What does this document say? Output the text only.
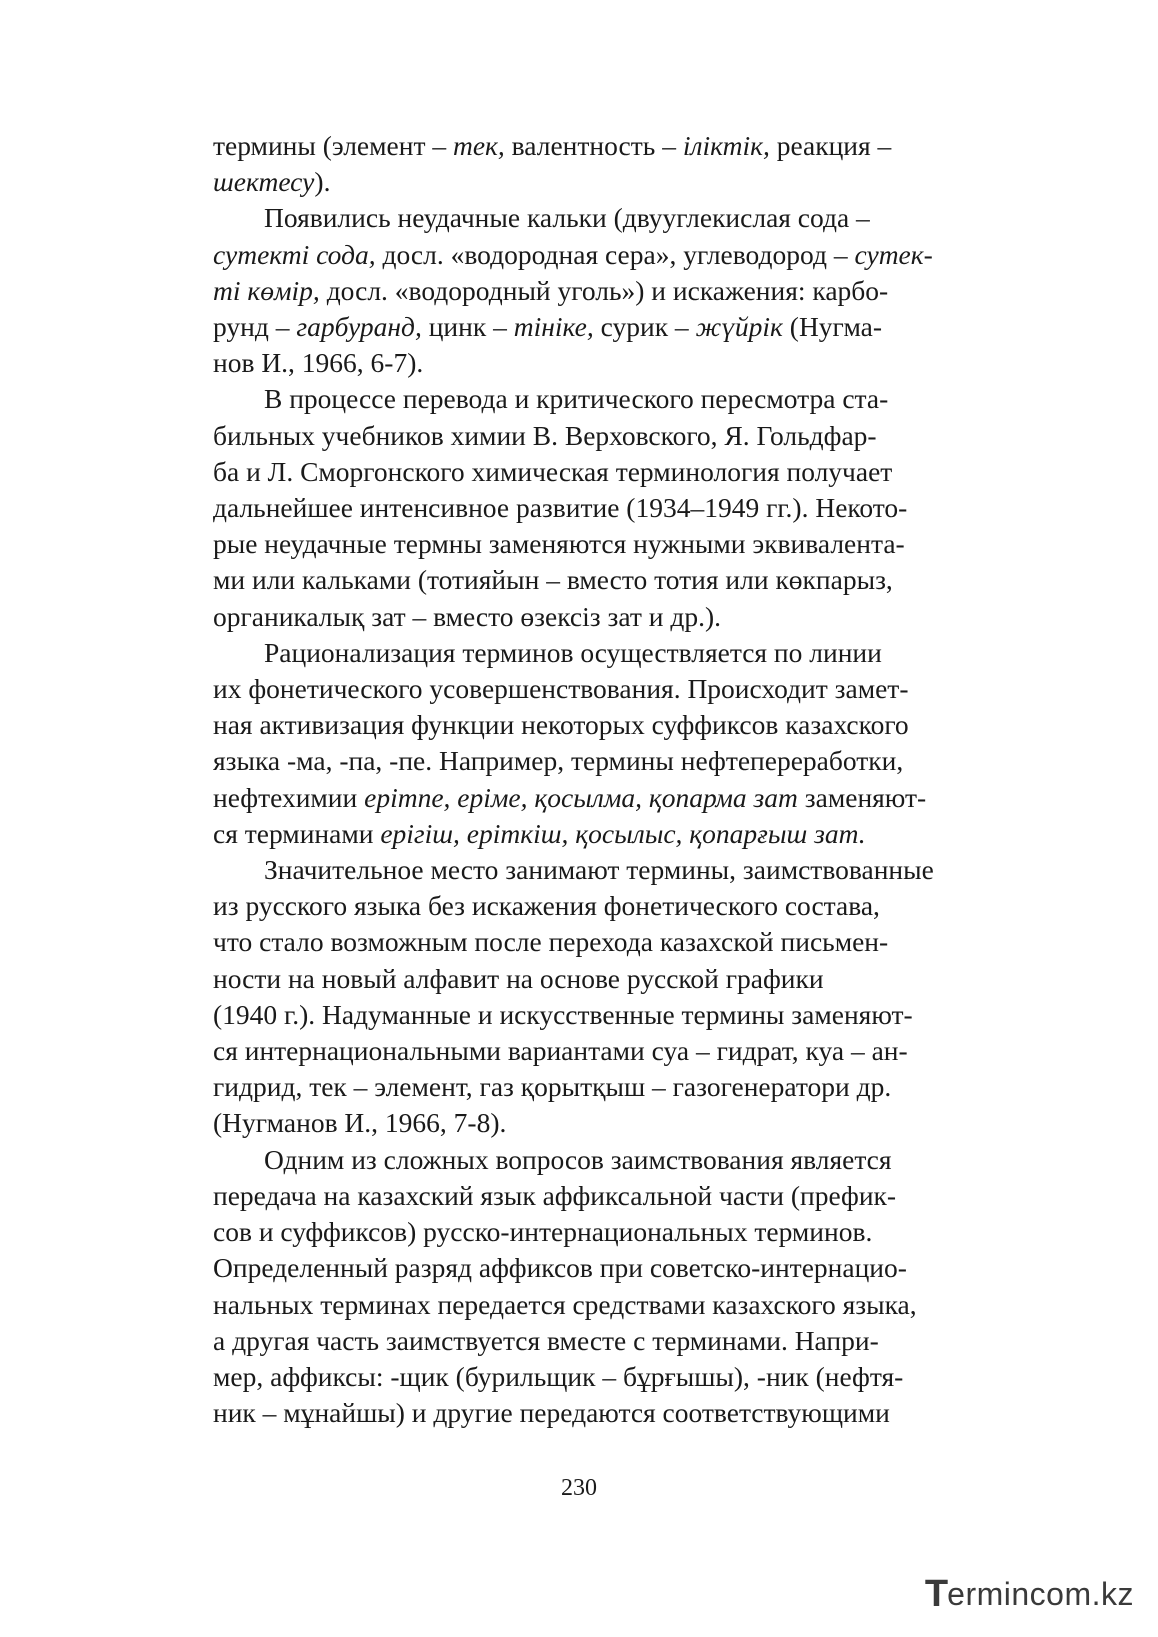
термины (элемент – тек, валентность – іліктік, реакция –
шектесу).

Появились неудачные кальки (двууглекислая сода –
сутекті сода, досл. «водородная сера», углеводород – сутек-
ті көмір, досл. «водородный уголь») и искажения: карбо-
рунд – гарбуранд, цинк – тініке, сурик – жүйрік (Нугма-
нов И., 1966, 6-7).

В процессе перевода и критического пересмотра ста-
бильных учебников химии В. Верховского, Я. Гольдфар-
ба и Л. Сморгонского химическая терминология получает
дальнейшее интенсивное развитие (1934–1949 гг.). Некото-
рые неудачные термны заменяются нужными эквивалента-
ми или кальками (тотияйын – вместо тотия или көкпарыз,
органикалық зат – вместо өзексіз зат и др.).

Рационализация терминов осуществляется по линии
их фонетического усовершенствования. Происходит замет-
ная активизация функции некоторых суффиксов казахского
языка -ма, -па, -пе. Например, термины нефтепереработки,
нефтехимии ерітпе, еріме, қосылма, қопарма зат заменяют-
ся терминами ерігіш, еріткіш, қосылыс, қопарғыш зат.

Значительное место занимают термины, заимствованные
из русского языка без искажения фонетического состава,
что стало возможным после перехода казахской письмен-
ности на новый алфавит на основе русской графики
(1940 г.). Надуманные и искусственные термины заменяют-
ся интернациональными вариантами суа – гидрат, куа – ан-
гидрид, тек – элемент, газ қорытқыш – газогенератори др.
(Нугманов И., 1966, 7-8).

Одним из сложных вопросов заимствования является
передача на казахский язык аффиксальной части (префик-
сов и суффиксов) русско-интернациональных терминов.
Определенный разряд аффиксов при советско-интернацио-
нальных терминах передается средствами казахского языка,
а другая часть заимствуется вместе с терминами. Напри-
мер, аффиксы: -щик (бурильщик – бұрғышы), -ник (нефтя-
ник – мұнайшы) и другие передаются соответствующими

230
T ermincom.kz
